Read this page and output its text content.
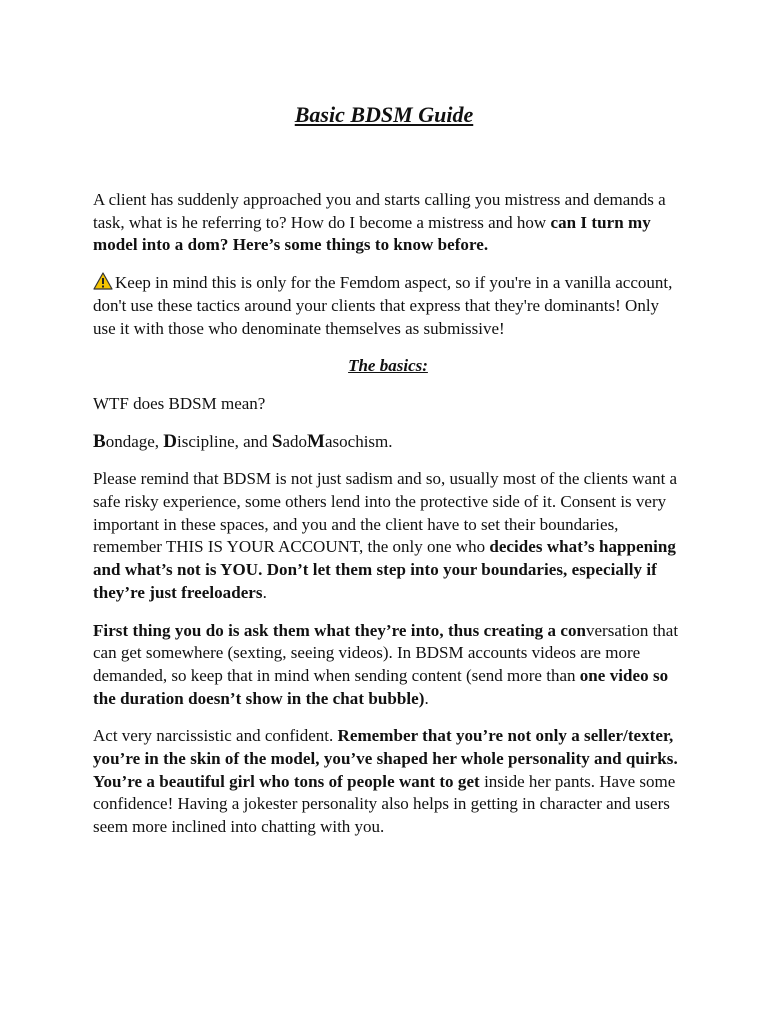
Basic BDSM Guide

A client has suddenly approached you and starts calling you mistress and demands a task, what is he referring to? How do I become a mistress and how can I turn my model into a dom? Here’s some things to know before.

Keep in mind this is only for the Femdom aspect, so if you're in a vanilla account, don't use these tactics around your clients that express that they're dominants! Only use it with those who denominate themselves as submissive!

The basics:

WTF does BDSM mean?

Bondage, Discipline, and SadoMasochism.

Please remind that BDSM is not just sadism and so, usually most of the clients want a safe risky experience, some others lend into the protective side of it. Consent is very important in these spaces, and you and the client have to set their boundaries, remember THIS IS YOUR ACCOUNT, the only one who decides what’s happening and what’s not is YOU. Don’t let them step into your boundaries, especially if they’re just freeloaders.

First thing you do is ask them what they’re into, thus creating a conversation that can get somewhere (sexting, seeing videos). In BDSM accounts videos are more demanded, so keep that in mind when sending content (send more than one video so the duration doesn’t show in the chat bubble).

Act very narcissistic and confident. Remember that you’re not only a seller/texter, you’re in the skin of the model, you’ve shaped her whole personality and quirks. You’re a beautiful girl who tons of people want to get inside her pants. Have some confidence! Having a jokester personality also helps in getting in character and users seem more inclined into chatting with you.
